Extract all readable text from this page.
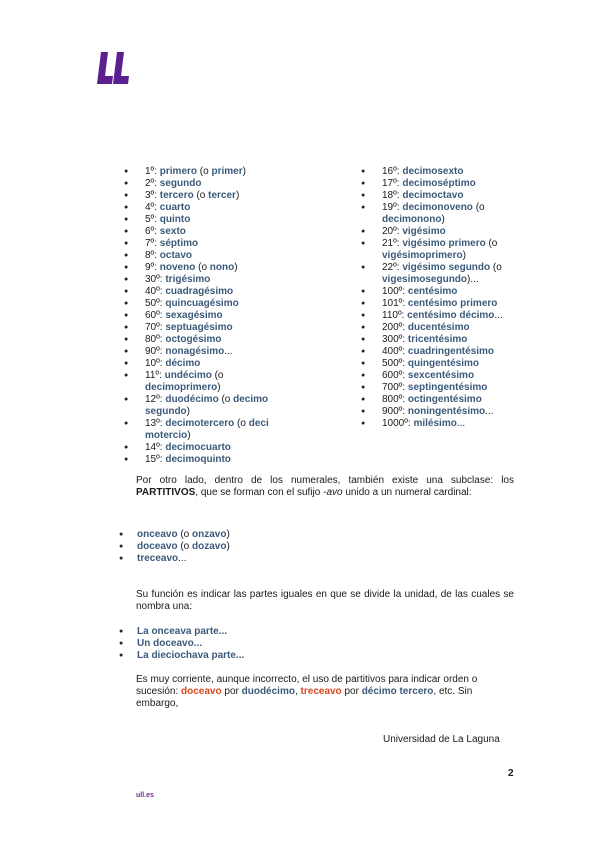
● 1º: primero (o primer)
● 2º: segundo
● 3º: tercero (o tercer)
● 4º: cuarto
● 5º: quinto
● 6º: sexto
● 7º: séptimo
● 8º: octavo
● 9º: noveno (o nono)
● 30º: trigésimo
● 40º: cuadragésimo
● 50º: quincuagésimo
● 60º: sexagésimo
● 70º: septuagésimo
● 80º: octogésimo
● 90º: nonagésimo...
● 10º: décimo
● 11º: undécimo (o decimoprimero)
● 12º: duodécimo (o decimo segundo)
● 13º: decimotercero (o deci motercio)
● 14º: decimocuarto
● 15º: decimoquinto
● 16º: decimosexto
● 17º: decimoséptimo
● 18º: decimoctavo
● 19º: decimonoveno (o decimonono)
● 20º: vigésimo
● 21º: vigésimo primero (o vigésimoprimero)
● 22º: vigésimo segundo (o vigesimosegundo)...
● 100º: centésimo
● 101º: centésimo primero
● 110º: centésimo décimo...
● 200º: ducentésimo
● 300º: tricentésimo
● 400º: cuadringentésimo
● 500º: quingentésimo
● 600º: sexcentésimo
● 700º: septingentésimo
● 800º: octingentésimo
● 900º: noningentésimo...
● 1000º: milésimo...

Por otro lado, dentro de los numerales, también existe una subclase: los PARTITIVOS, que se forman con el sufijo -avo unido a un numeral cardinal:

● onceavo (o onzavo)
● doceavo (o dozavo)
● treceavo...

Su función es indicar las partes iguales en que se divide la unidad, de las cuales se nombra una:

● La onceava parte...
● Un doceavo...
● La dieciochava parte...

Es muy corriente, aunque incorrecto, el uso de partitivos para indicar orden o sucesión: doceavo por duodécimo, treceavo por décimo tercero, etc. Sin embargo,

Universidad de La Laguna
2
ull.es
